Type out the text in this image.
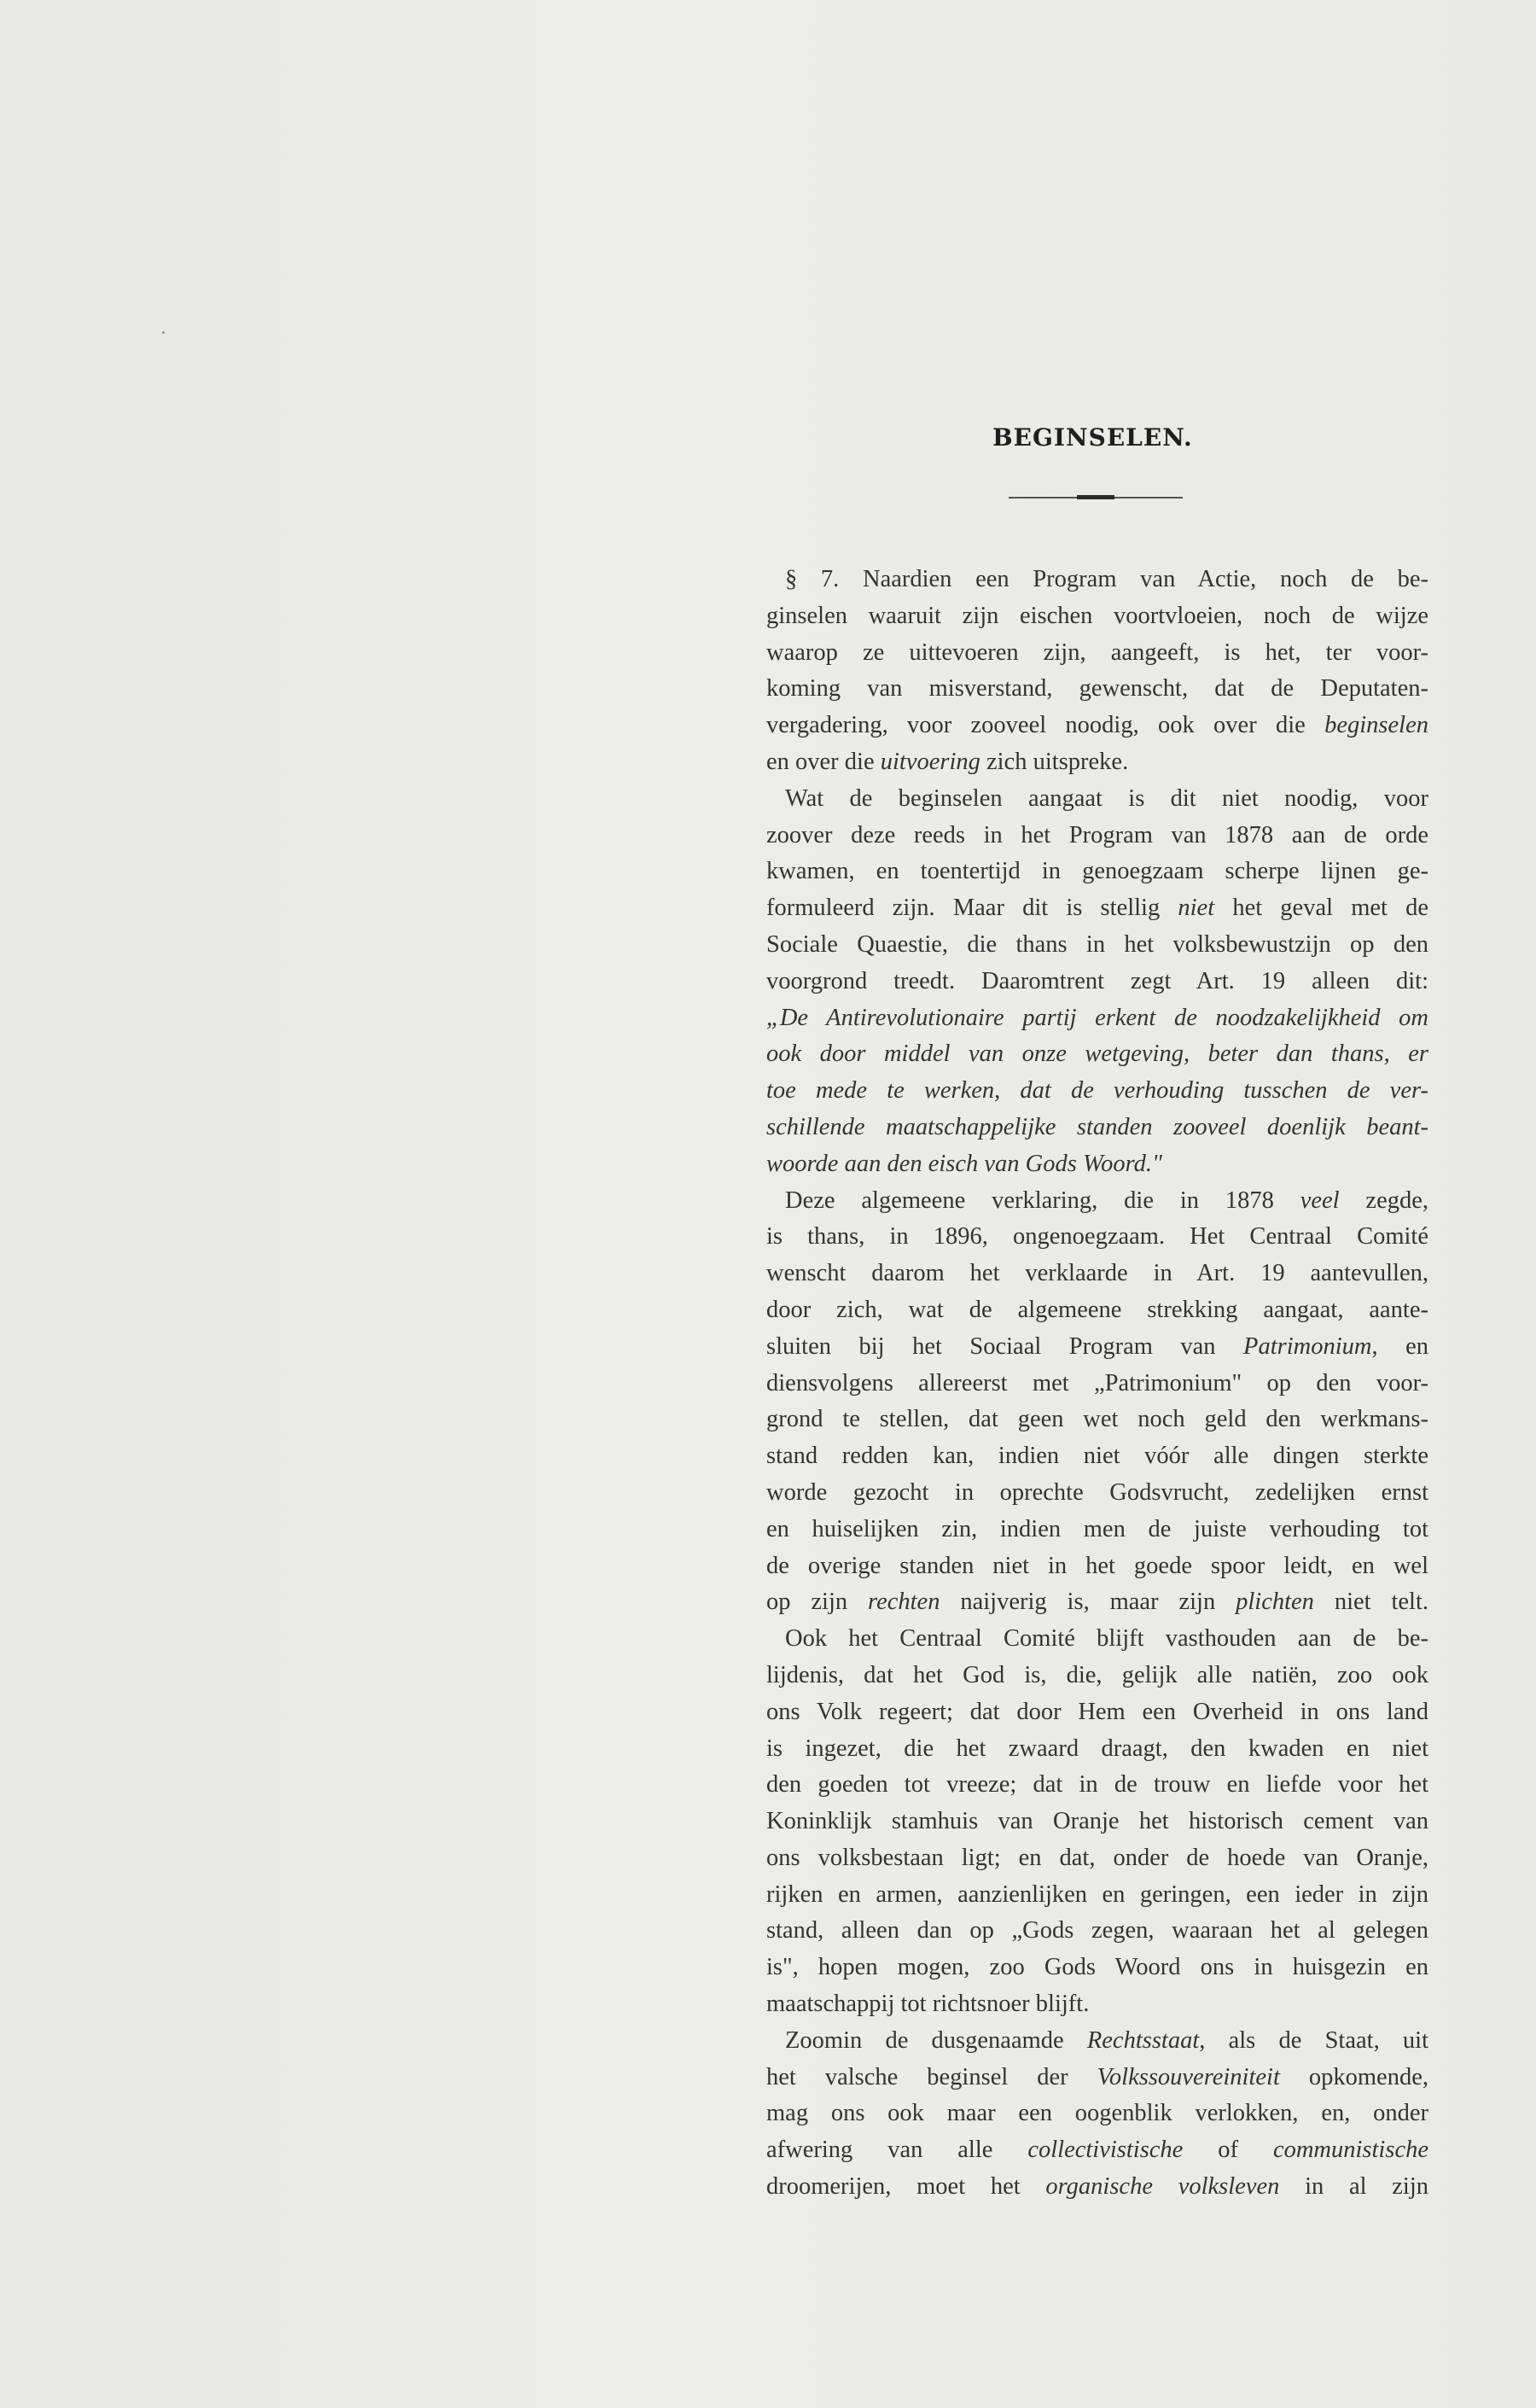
BEGINSELEN.
§ 7. Naardien een Program van Actie, noch de be-
ginselen waaruit zijn eischen voortvloeien, noch de wijze
waarop ze uittevoeren zijn, aangeeft, is het, ter voor-
koming van misverstand, gewenscht, dat de Deputaten-
vergadering, voor zooveel noodig, ook over die beginselen
en over die uitvoering zich uitspreke.
Wat de beginselen aangaat is dit niet noodig, voor
zoover deze reeds in het Program van 1878 aan de orde
kwamen, en toentertijd in genoegzaam scherpe lijnen ge-
formuleerd zijn. Maar dit is stellig niet het geval met de
Sociale Quaestie, die thans in het volksbewustzijn op den
voorgrond treedt. Daaromtrent zegt Art. 19 alleen dit:
„De Antirevolutionaire partij erkent de noodzakelijkheid om
ook door middel van onze wetgeving, beter dan thans, er
toe mede te werken, dat de verhouding tusschen de ver-
schillende maatschappelijke standen zooveel doenlijk beant-
woorde aan den eisch van Gods Woord."
Deze algemeene verklaring, die in 1878 veel zegde,
is thans, in 1896, ongenoegzaam. Het Centraal Comité
wenscht daarom het verklaarde in Art. 19 aantevullen,
door zich, wat de algemeene strekking aangaat, aante-
sluiten bij het Sociaal Program van Patrimonium, en
diensvolgens allereerst met „Patrimonium" op den voor-
grond te stellen, dat geen wet noch geld den werkmans-
stand redden kan, indien niet vóór alle dingen sterkte
worde gezocht in oprechte Godsvrucht, zedelijken ernst
en huiselijken zin, indien men de juiste verhouding tot
de overige standen niet in het goede spoor leidt, en wel
op zijn rechten naijverig is, maar zijn plichten niet telt.
Ook het Centraal Comité blijft vasthouden aan de be-
lijdenis, dat het God is, die, gelijk alle natiën, zoo ook
ons Volk regeert; dat door Hem een Overheid in ons land
is ingezet, die het zwaard draagt, den kwaden en niet
den goeden tot vreeze; dat in de trouw en liefde voor het
Koninklijk stamhuis van Oranje het historisch cement van
ons volksbestaan ligt; en dat, onder de hoede van Oranje,
rijken en armen, aanzienlijken en geringen, een ieder in zijn
stand, alleen dan op „Gods zegen, waaraan het al gelegen
is", hopen mogen, zoo Gods Woord ons in huisgezin en
maatschappij tot richtsnoer blijft.
Zoomin de dusgenaamde Rechtsstaat, als de Staat, uit
het valsche beginsel der Volkssouvereiniteit opkomende,
mag ons ook maar een oogenblik verlokken, en, onder
afwering van alle collectivistische of communistische
droomerijen, moet het organische volksleven in al zijn
